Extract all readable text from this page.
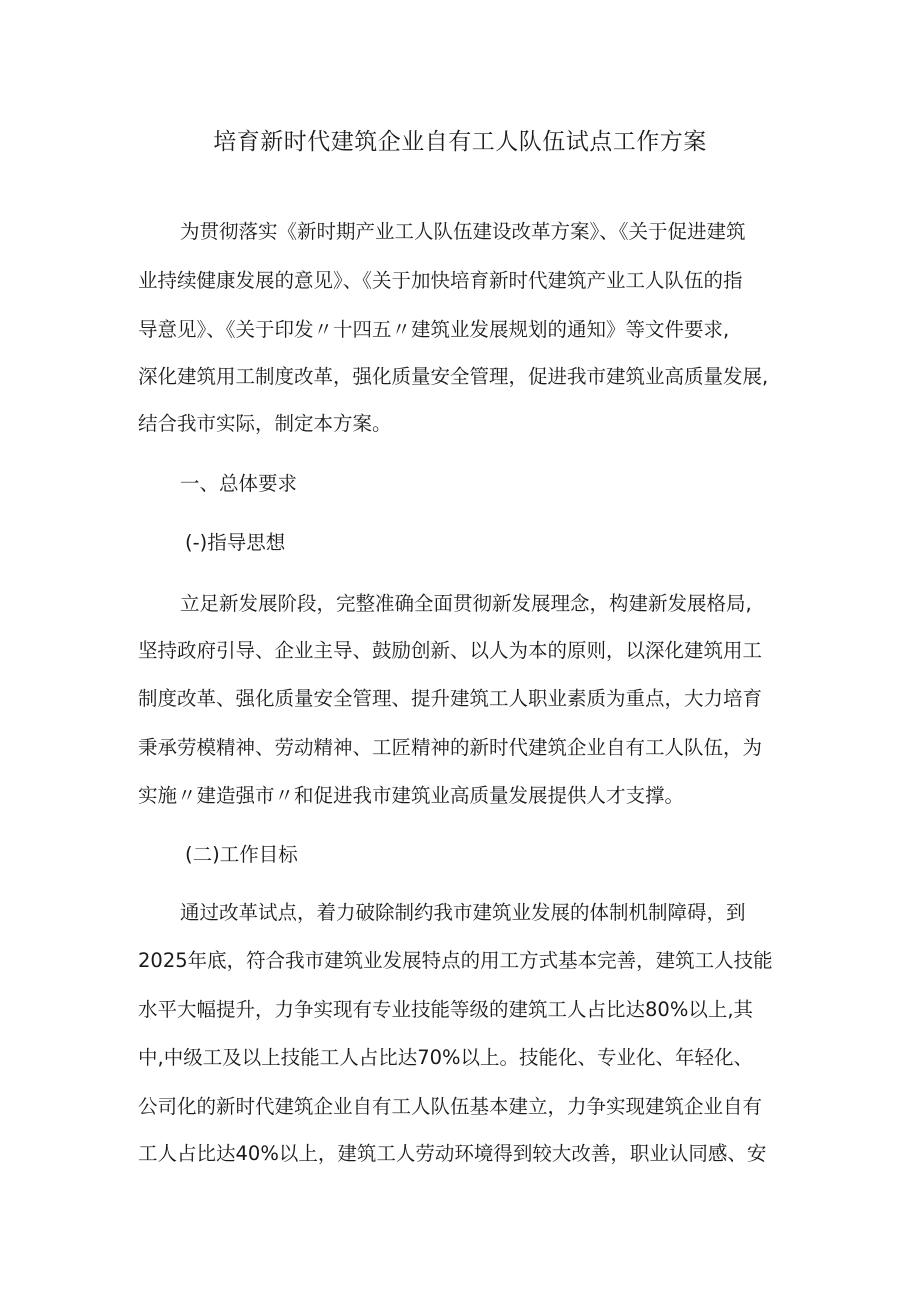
培育新时代建筑企业自有工人队伍试点工作方案
为贯彻落实《新时期产业工人队伍建设改革方案》、《关于促进建筑
业持续健康发展的意见》、《关于加快培育新时代建筑产业工人队伍的指
导意见》、《关于印发〃十四五〃建筑业发展规划的通知》等文件要求,
深化建筑用工制度改革，强化质量安全管理，促进我市建筑业高质量发展,
结合我市实际，制定本方案。
一、总体要求
(-)指导思想
立足新发展阶段，完整准确全面贯彻新发展理念，构建新发展格局,
坚持政府引导、企业主导、鼓励创新、以人为本的原则，以深化建筑用工
制度改革、强化质量安全管理、提升建筑工人职业素质为重点，大力培育
秉承劳模精神、劳动精神、工匠精神的新时代建筑企业自有工人队伍，为
实施〃建造强市〃和促进我市建筑业高质量发展提供人才支撑。
(二)工作目标
通过改革试点，着力破除制约我市建筑业发展的体制机制障碍，到
2025年底，符合我市建筑业发展特点的用工方式基本完善，建筑工人技能
水平大幅提升，力争实现有专业技能等级的建筑工人占比达80%以上,其
中,中级工及以上技能工人占比达70%以上。技能化、专业化、年轻化、
公司化的新时代建筑企业自有工人队伍基本建立，力争实现建筑企业自有
工人占比达40%以上，建筑工人劳动环境得到较大改善，职业认同感、安
